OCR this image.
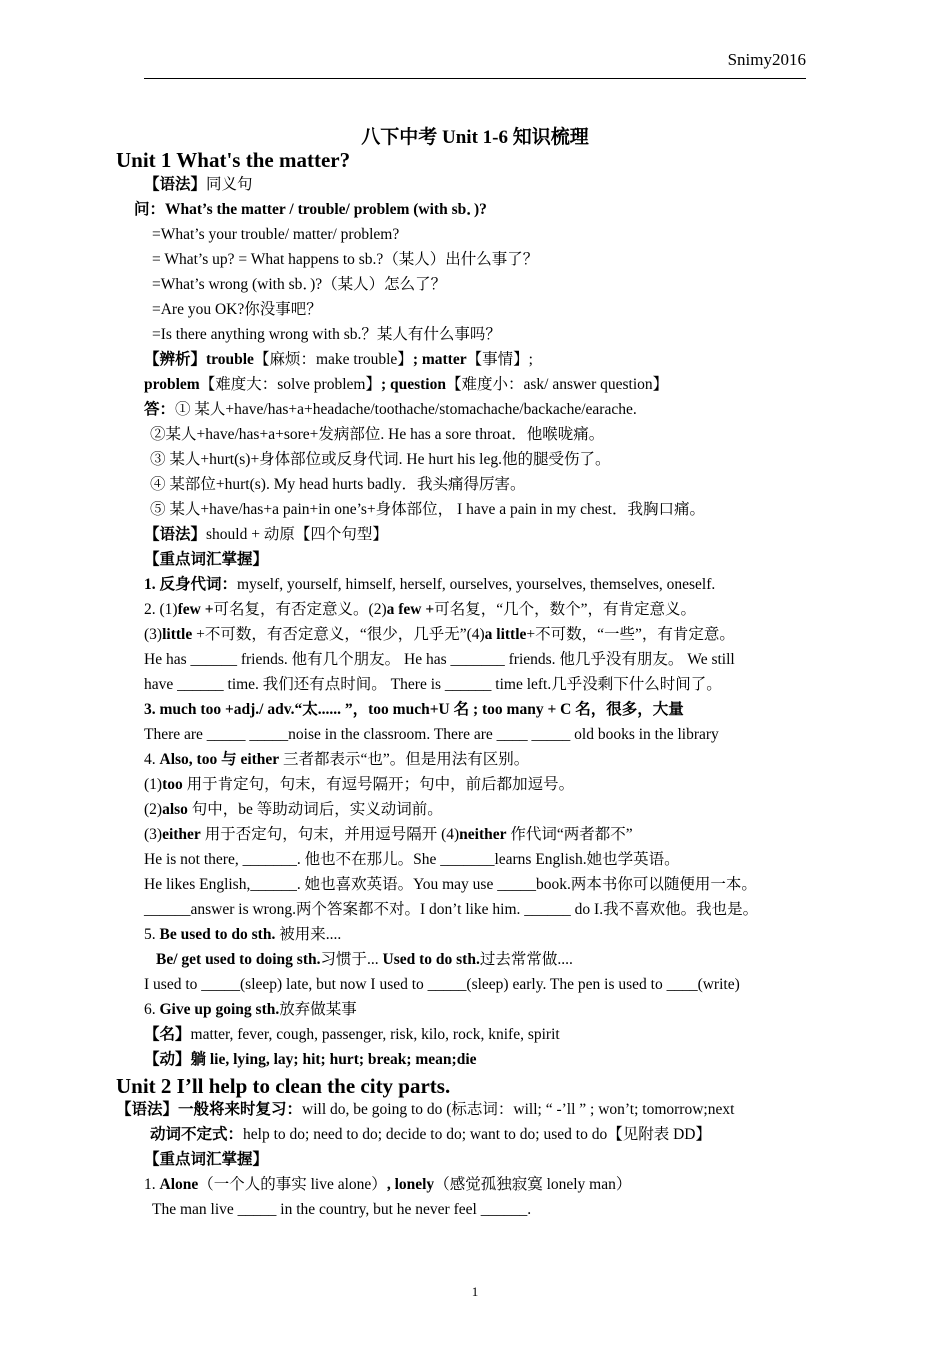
Snimy2016
八下中考 Unit 1-6 知识梳理
Unit 1 What's the matter?
【语法】同义句
问：What’s the matter / trouble/ problem (with sb．)?
=What’s your trouble/ matter/ problem?
= What’s up? = What happens to sb.?（某人）出什么事了？
=What’s wrong (with sb．)?（某人）怎么了？
=Are you OK?你没事吧？
=Is there anything wrong with sb.？某人有什么事吗？
【辨析】trouble【麻烦：make trouble】; matter【事情】;
problem【难度大：solve problem】; question【难度小：ask/ answer question】
答：① 某人+have/has+a+headache/toothache/stomachache/backache/earache.
②某人+have/has+a+sore+发病部位. He has a sore throat．他喉咙痛。
③ 某人+hurt(s)+身体部位或反身代词. He hurt his leg.他的腿受伤了。
④ 某部位+hurt(s). My head hurts badly．我头痛得厉害。
⑤ 某人+have/has+a pain+in one’s+身体部位， I have a pain in my chest．我胸口痛。
【语法】should + 动原【四个句型】
【重点词汇掌握】
1. 反身代词：myself, yourself, himself, herself, ourselves, yourselves, themselves, oneself.
2. (1)few +可名复，有否定意义。(2)a few +可名复，“几个，数个”，有肯定意义。
(3)little +不可数，有否定意义，“很少，几乎无”(4)a little+不可数，“一些”，有肯定意。
He has ______ friends. 他有几个朋友。 He has _______ friends. 他几乎没有朋友。 We still
have ______ time. 我们还有点时间。 There is ______ time left.几乎没剩下什么时间了。
3. much too +adj./ adv.“太...... ”，too much+U 名 ; too many + C 名，很多，大量
There are _____ _____noise in the classroom. There are ____ _____ old books in the library
4. Also, too 与 either 三者都表示“也”。但是用法有区别。
(1)too 用于肯定句，句末，有逗号隔开；句中，前后都加逗号。
(2)also 句中，be 等助动词后，实义动词前。
(3)either 用于否定句，句末，并用逗号隔开 (4)neither 作代词“两者都不”
He is not there, _______. 他也不在那儿。She _______learns English.她也学英语。
He likes English,______. 她也喜欢英语。You may use _____book.两本书你可以随便用一本。
______answer is wrong.两个答案都不对。I don’t like him. ______ do I.我不喜欢他。我也是。
5. Be used to do sth. 被用来....
Be/ get used to doing sth.习惯于... Used to do sth.过去常常做....
I used to _____(sleep) late, but now I used to _____(sleep) early. The pen is used to ____(write)
6. Give up going sth.放弃做某事
【名】matter, fever, cough, passenger, risk, kilo, rock, knife, spirit
【动】躺 lie, lying, lay; hit; hurt; break; mean;die
Unit 2 I’ll help to clean the city parts.
【语法】一般将来时复习：will do, be going to do (标志词：will; “ -’ll ” ; won’t; tomorrow;next
动词不定式：help to do; need to do; decide to do; want to do; used to do【见附表 DD】
【重点词汇掌握】
1. Alone（一个人的事实 live alone）, lonely（感觉孤独寂寞 lonely man）
The man live _____ in the country, but he never feel ______.
1
